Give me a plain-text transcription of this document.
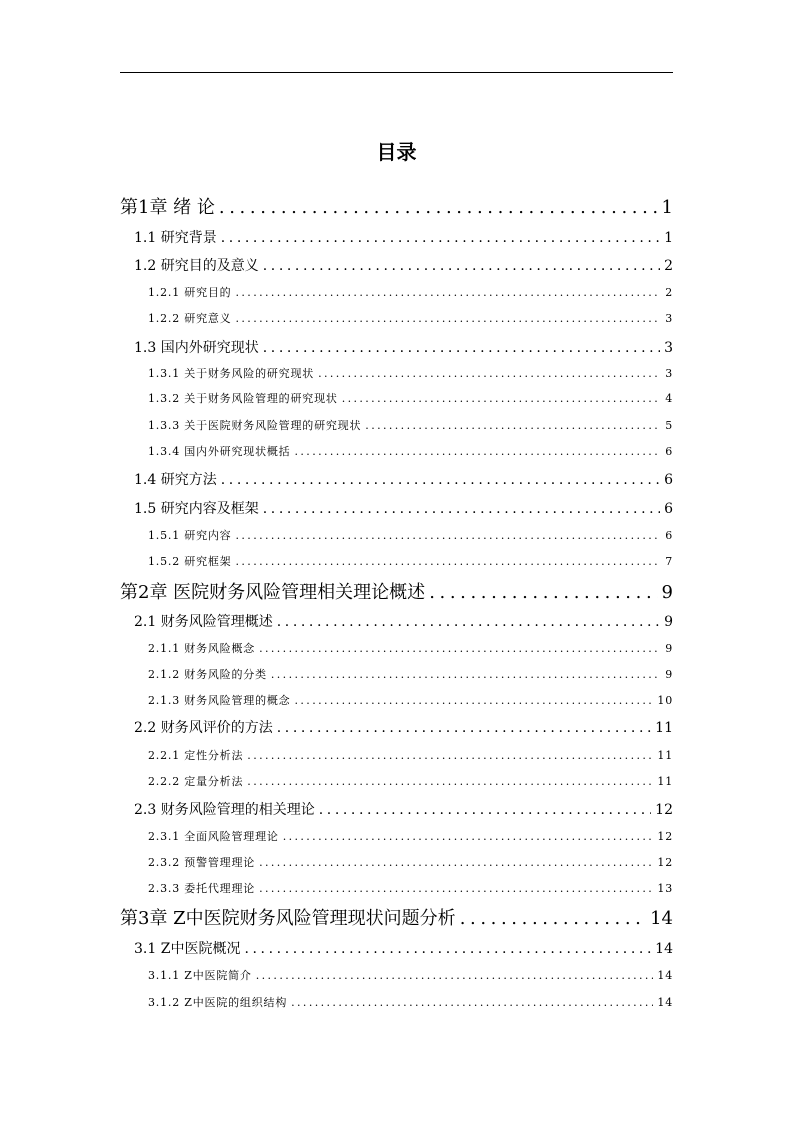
目录
第1章 绪 论 .....	1
1.1 研究背景 .....	1
1.2 研究目的及意义 .....	2
1.2.1 研究目的 .....	2
1.2.2 研究意义 .....	3
1.3 国内外研究现状 .....	3
1.3.1 关于财务风险的研究现状 .....	3
1.3.2 关于财务风险管理的研究现状 .....	4
1.3.3 关于医院财务风险管理的研究现状 .....	5
1.3.4 国内外研究现状概括 .....	6
1.4 研究方法 .....	6
1.5 研究内容及框架 .....	6
1.5.1 研究内容 .....	6
1.5.2 研究框架 .....	7
第2章 医院财务风险管理相关理论概述 .....	9
2.1 财务风险管理概述 .....	9
2.1.1 财务风险概念 .....	9
2.1.2 财务风险的分类 .....	9
2.1.3 财务风险管理的概念 .....	10
2.2 财务风评价的方法 .....	11
2.2.1 定性分析法 .....	11
2.2.2 定量分析法 .....	11
2.3 财务风险管理的相关理论 .....	12
2.3.1 全面风险管理理论 .....	12
2.3.2 预警管理理论 .....	12
2.3.3 委托代理理论 .....	13
第3章 Z中医院财务风险管理现状问题分析 .....	14
3.1 Z中医院概况 .....	14
3.1.1 Z中医院简介 .....	14
3.1.2 Z中医院的组织结构 .....	14
